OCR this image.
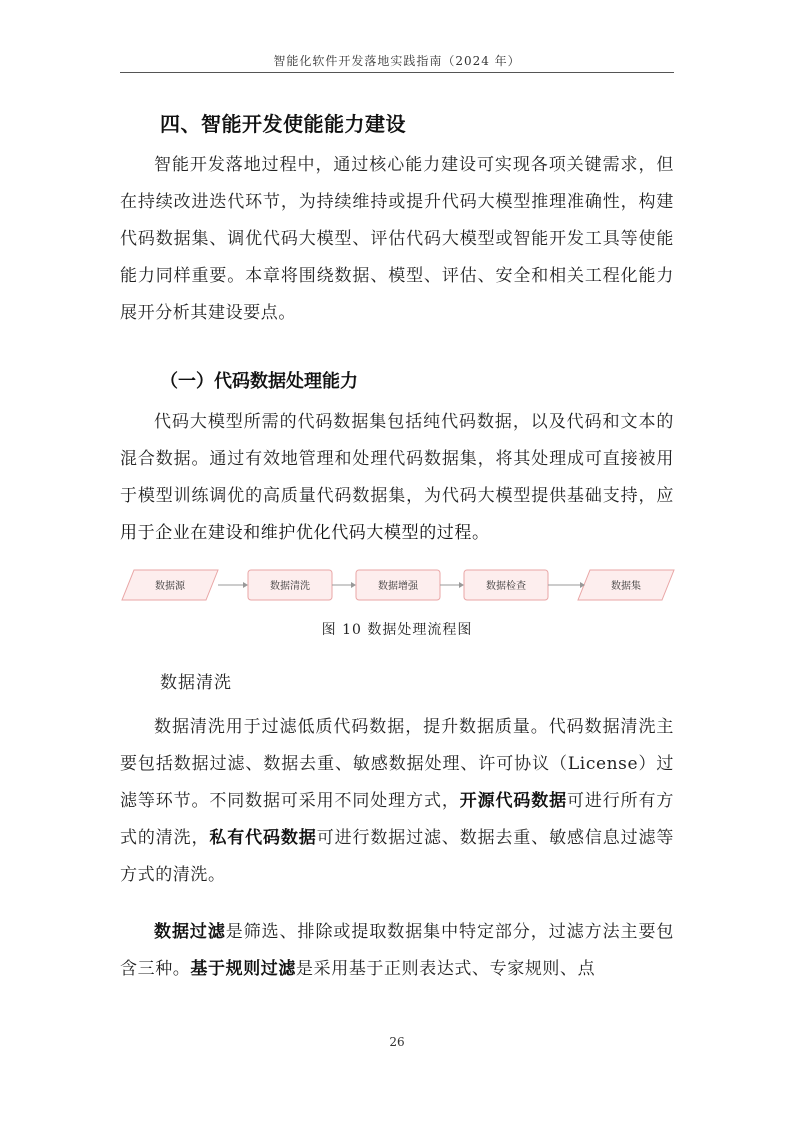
智能化软件开发落地实践指南（2024 年）
四、智能开发使能能力建设
智能开发落地过程中，通过核心能力建设可实现各项关键需求，但在持续改进迭代环节，为持续维持或提升代码大模型推理准确性，构建代码数据集、调优代码大模型、评估代码大模型或智能开发工具等使能能力同样重要。本章将围绕数据、模型、评估、安全和相关工程化能力展开分析其建设要点。
（一）代码数据处理能力
代码大模型所需的代码数据集包括纯代码数据，以及代码和文本的混合数据。通过有效地管理和处理代码数据集，将其处理成可直接被用于模型训练调优的高质量代码数据集，为代码大模型提供基础支持，应用于企业在建设和维护优化代码大模型的过程。
数据源	数据清洗	数据增强	数据检查	数据集
图 10 数据处理流程图
数据清洗
数据清洗用于过滤低质代码数据，提升数据质量。代码数据清洗主要包括数据过滤、数据去重、敏感数据处理、许可协议（License）过滤等环节。不同数据可采用不同处理方式，开源代码数据可进行所有方式的清洗，私有代码数据可进行数据过滤、数据去重、敏感信息过滤等方式的清洗。
数据过滤是筛选、排除或提取数据集中特定部分，过滤方法主要包含三种。基于规则过滤是采用基于正则表达式、专家规则、点
26
